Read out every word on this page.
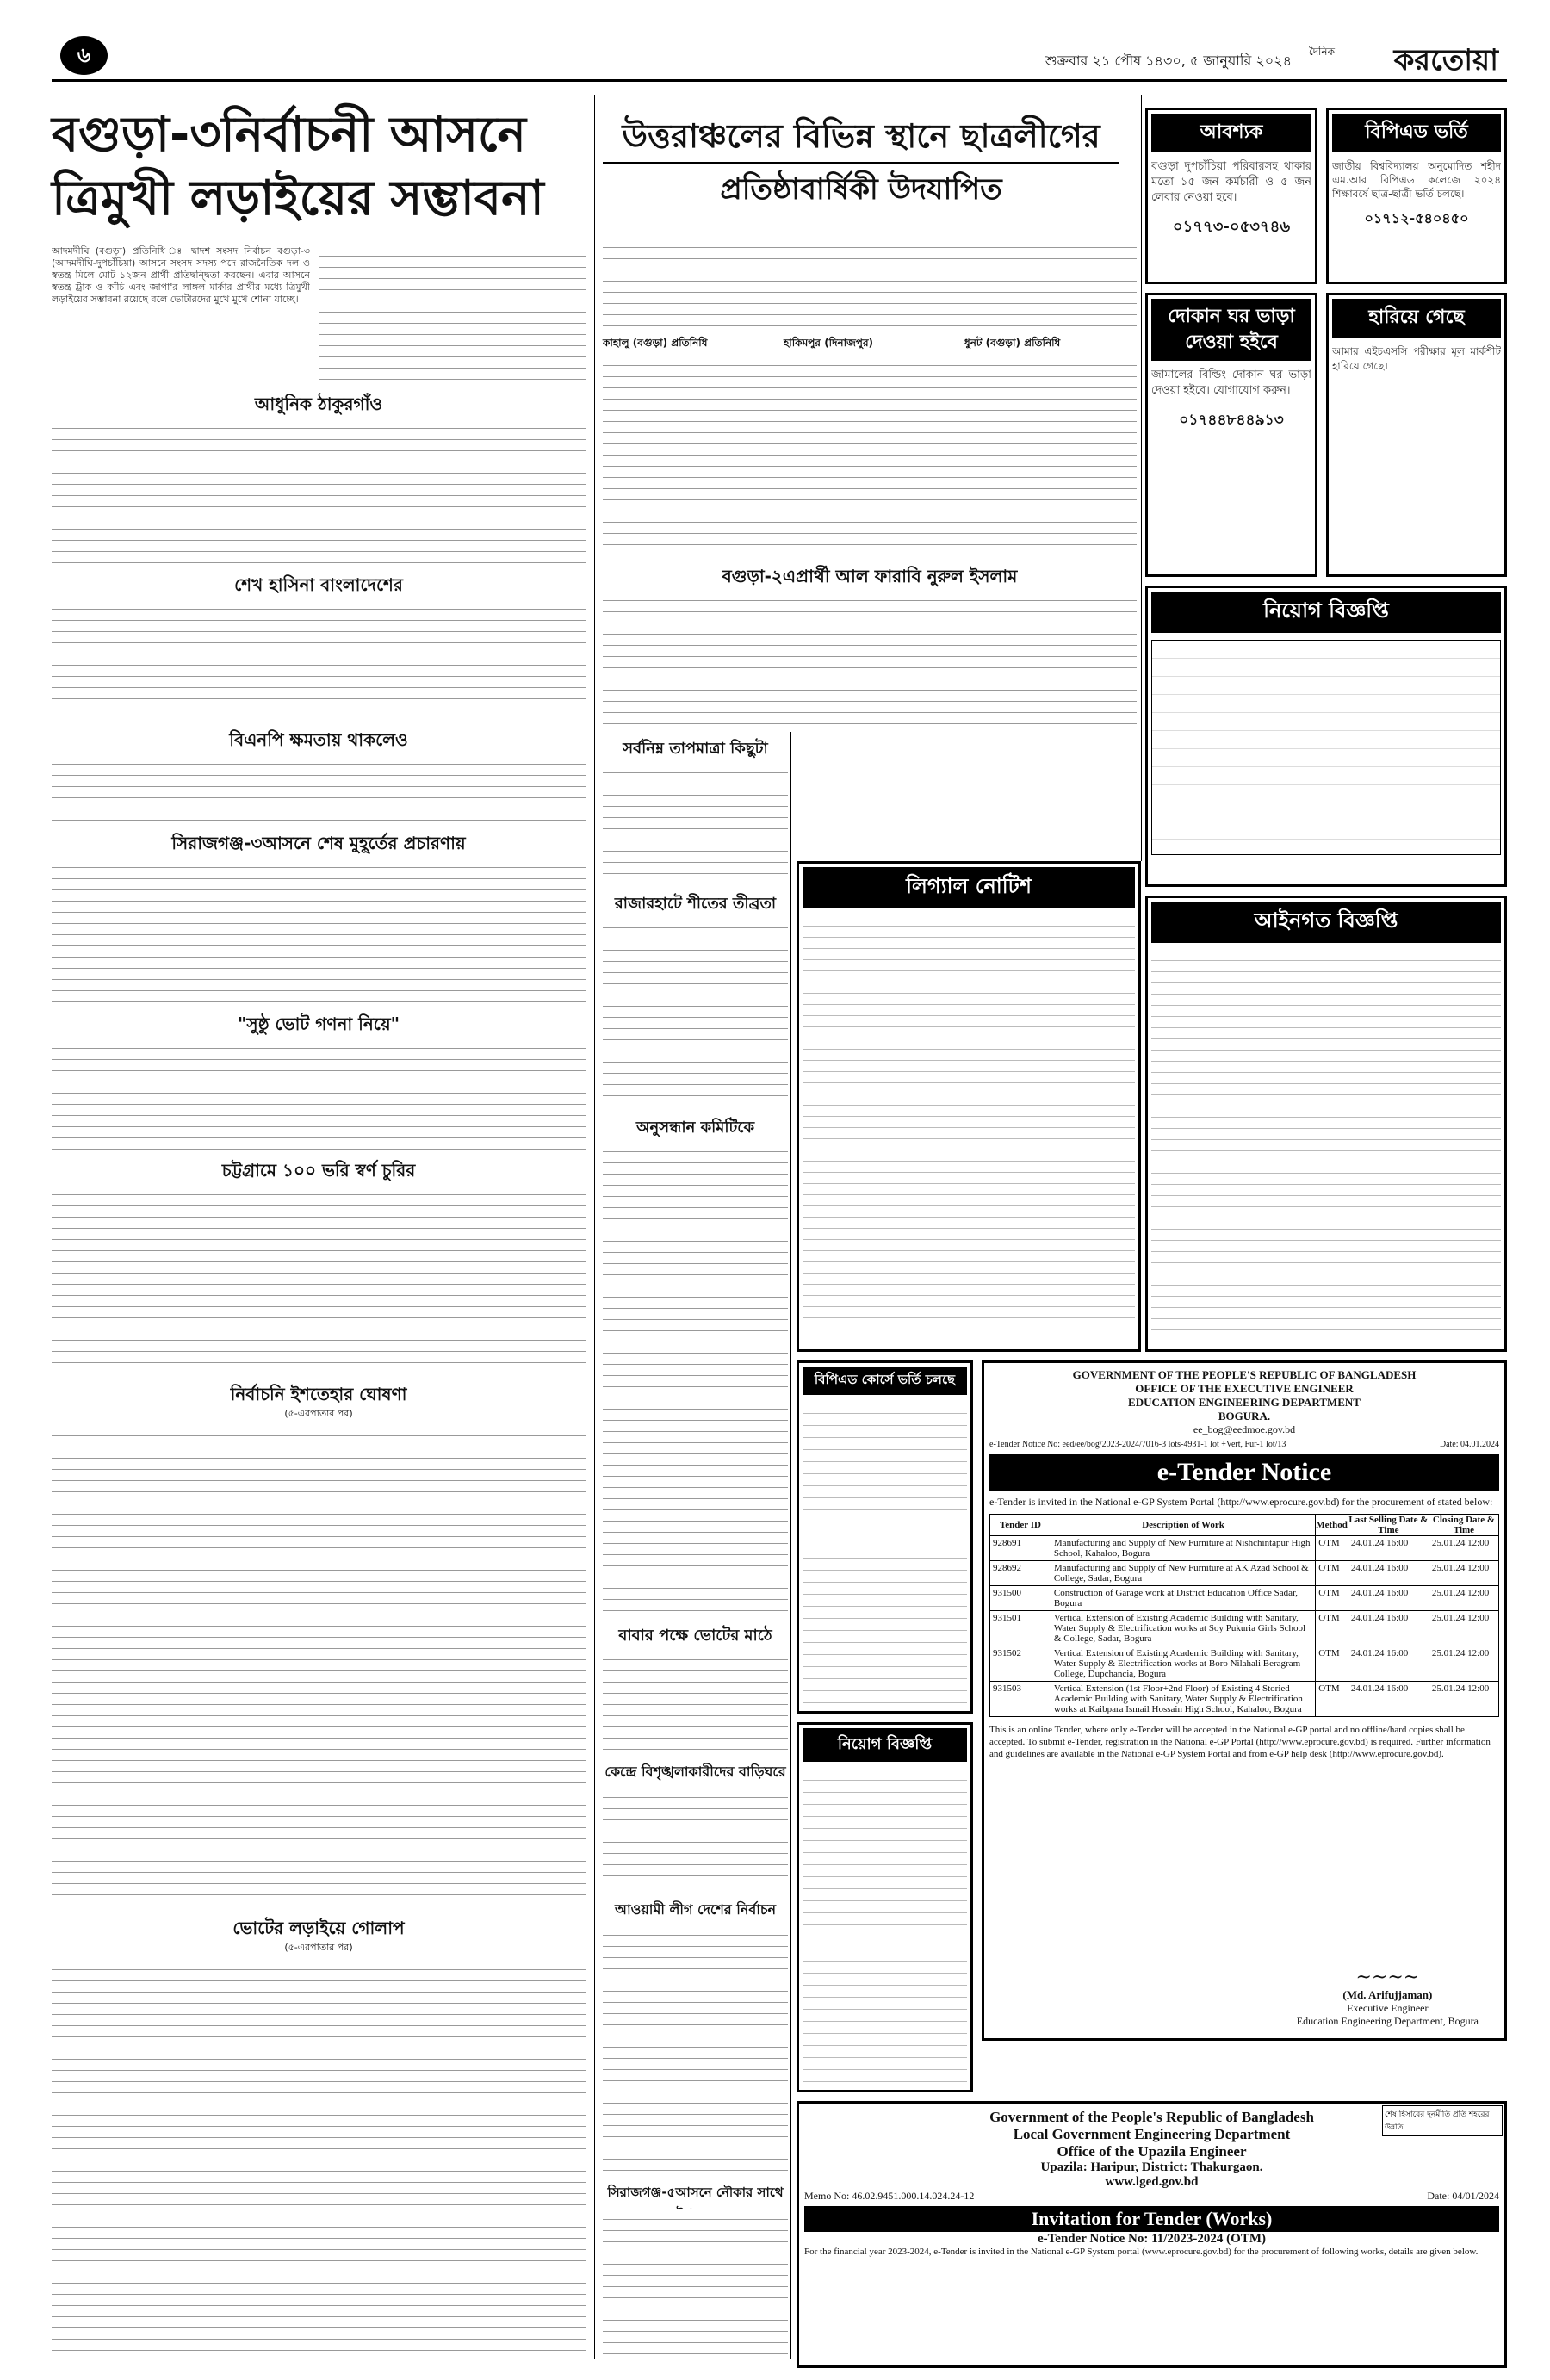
৬	শুক্রবার ২১ পৌষ ১৪৩০, ৫ জানুয়ারি ২০২৪
দৈনিক করতোয়া
বগুড়া-৩নির্বাচনী আসনে
ত্রিমুখী লড়াইয়ের সম্ভাবনা
উত্তরাঞ্চলের বিভিন্ন স্থানে ছাত্রলীগের
প্রতিষ্ঠাবার্ষিকী উদযাপিত
আবশ্যক
বগুড়া দুপচাঁচিয়া পরিবারসহ থাকার মতো ১৫ জন কর্মচারী ও ৫ জন লেবার নেওয়া হবে।
০১৭৭৩-০৫৩৭৪৬
বিপিএড ভর্তি
জাতীয় বিশ্ববিদ্যালয় অনুমোদিত শহীদ এম.আর বিপিএড কলেজে ২০২৪ শিক্ষাবর্ষে ছাত্র-ছাত্রী ভর্তি চলছে।
০১৭১২-৫৪০৪৫০
দোকান ঘর ভাড়া দেওয়া হইবে
জামালের বিল্ডিং দোকান ঘর ভাড়া দেওয়া হইবে। যোগাযোগ করুন।
০১৭৪৪৮৪৪৯১৩
হারিয়ে গেছে
আমার এইচএসসি পরীক্ষার মূল মার্কশীট হারিয়ে গেছে।
নিয়োগ বিজ্ঞপ্তি
আইনগত বিজ্ঞপ্তি
লিগ্যাল নোটিশ
বিপিএড কোর্সে ভর্তি চলছে
নিয়োগ বিজ্ঞপ্তি
GOVERNMENT OF THE PEOPLE'S REPUBLIC OF BANGLADESH
OFFICE OF THE EXECUTIVE ENGINEER
EDUCATION ENGINEERING DEPARTMENT
BOGURA.
ee_bog@eedmoe.gov.bd
e-Tender Notice No: eed/ee/bog/2023-2024/7016-3 lots-4931-1 lot +Vert, Fur-1 lot/13	Date: 04.01.2024
e-Tender Notice
e-Tender is invited in the National e-GP System Portal (http://www.eprocure.gov.bd) for the procurement of stated below:
Tender ID	Description of Work	Method	Last Selling Date & Time	Closing Date & Time
928691	Manufacturing and Supply of New Furniture at Nishchintapur High School, Kahaloo, Bogura	OTM	24.01.24 16:00	25.01.24 12:00
928692	Manufacturing and Supply of New Furniture at AK Azad School & College, Sadar, Bogura	OTM	24.01.24 16:00	25.01.24 12:00
931500	Construction of Garage work at District Education Office Sadar, Bogura	OTM	24.01.24 16:00	25.01.24 12:00
931501	Vertical Extension of Existing Academic Building with Sanitary, Water Supply & Electrification works at Soy Pukuria Girls School & College, Sadar, Bogura	OTM	24.01.24 16:00	25.01.24 12:00
931502	Vertical Extension of Existing Academic Building with Sanitary, Water Supply & Electrification works at Boro Nilahali Beragram College, Dupchancia, Bogura	OTM	24.01.24 16:00	25.01.24 12:00
931503	Vertical Extension (1st Floor+2nd Floor) of Existing 4 Storied Academic Building with Sanitary, Water Supply & Electrification works at Kaibpara Ismail Hossain High School, Kahaloo, Bogura	OTM	24.01.24 16:00	25.01.24 12:00
This is an online Tender, where only e-Tender will be accepted in the National e-GP portal and no offline/hard copies shall be accepted. To submit e-Tender, registration in the National e-GP Portal (http://www.eprocure.gov.bd) is required. Further information and guidelines are available in the National e-GP System Portal and from e-GP help desk (http://www.eprocure.gov.bd).
~~~~
(Md. Arifujjaman)
Executive Engineer
Education Engineering Department, Bogura
Government of the People's Republic of Bangladesh
Local Government Engineering Department
Office of the Upazila Engineer
Upazila: Haripur, District: Thakurgaon.
www.lged.gov.bd
Memo No: 46.02.9451.000.14.024.24-12	Date: 04/01/2024
Invitation for Tender (Works)
e-Tender Notice No: 11/2023-2024 (OTM)
For the financial year 2023-2024, e-Tender is invited in the National e-GP System portal (www.eprocure.gov.bd) for the procurement of following works, details are given below.
শেষ হিসাবের দুনর্মীতি প্রতি শহরের উন্নতি
আদমদীঘি (বগুড়া) প্রতিনিধি ঃ দ্বাদশ সংসদ নির্বাচন বগুড়া-৩ (আদমদীঘি-দুপচাঁচিয়া) আসনে সংসদ সদস্য পদে রাজনৈতিক দল ও স্বতন্ত্র মিলে মোট ১২জন প্রার্থী প্রতিদ্বন্দ্বিতা করছেন। এবার আসনে স্বতন্ত্র ট্রাক ও কাঁচি এবং জাপা'র লাঙ্গল মার্কার প্রার্থীর মধ্যে ত্রিমুখী লড়াইয়ের সম্ভাবনা রয়েছে বলে ভোটারদের মুখে মুখে শোনা যাচ্ছে।
আধুনিক ঠাকুরগাঁও
শেখ হাসিনা বাংলাদেশের
বিএনপি ক্ষমতায় থাকলেও
সিরাজগঞ্জ-৩আসনে শেষ মুহূর্তের প্রচারণায়
"সুষ্ঠু ভোট গণনা নিয়ে"
চট্টগ্রামে ১০০ ভরি স্বর্ণ চুরির
নির্বাচনি ইশতেহার ঘোষণা
(৫-এরপাতার পর)
ভোটের লড়াইয়ে গোলাপ
(৫-এরপাতার পর)
কাহালু (বগুড়া) প্রতিনিধি	হাকিমপুর (দিনাজপুর)	ধুনট (বগুড়া) প্রতিনিধি
বগুড়া-২এপ্রার্থী আল ফারাবি নুরুল ইসলাম
সর্বনিম্ন তাপমাত্রা কিছুটা
রাজারহাটে শীতের তীব্রতা
অনুসন্ধান কমিটিকে
বাবার পক্ষে ভোটের মাঠে
কেন্দ্রে বিশৃঙ্খলাকারীদের বাড়িঘরে
আওয়ামী লীগ দেশের নির্বাচন
সিরাজগঞ্জ-৫আসনে নৌকার সাথে
